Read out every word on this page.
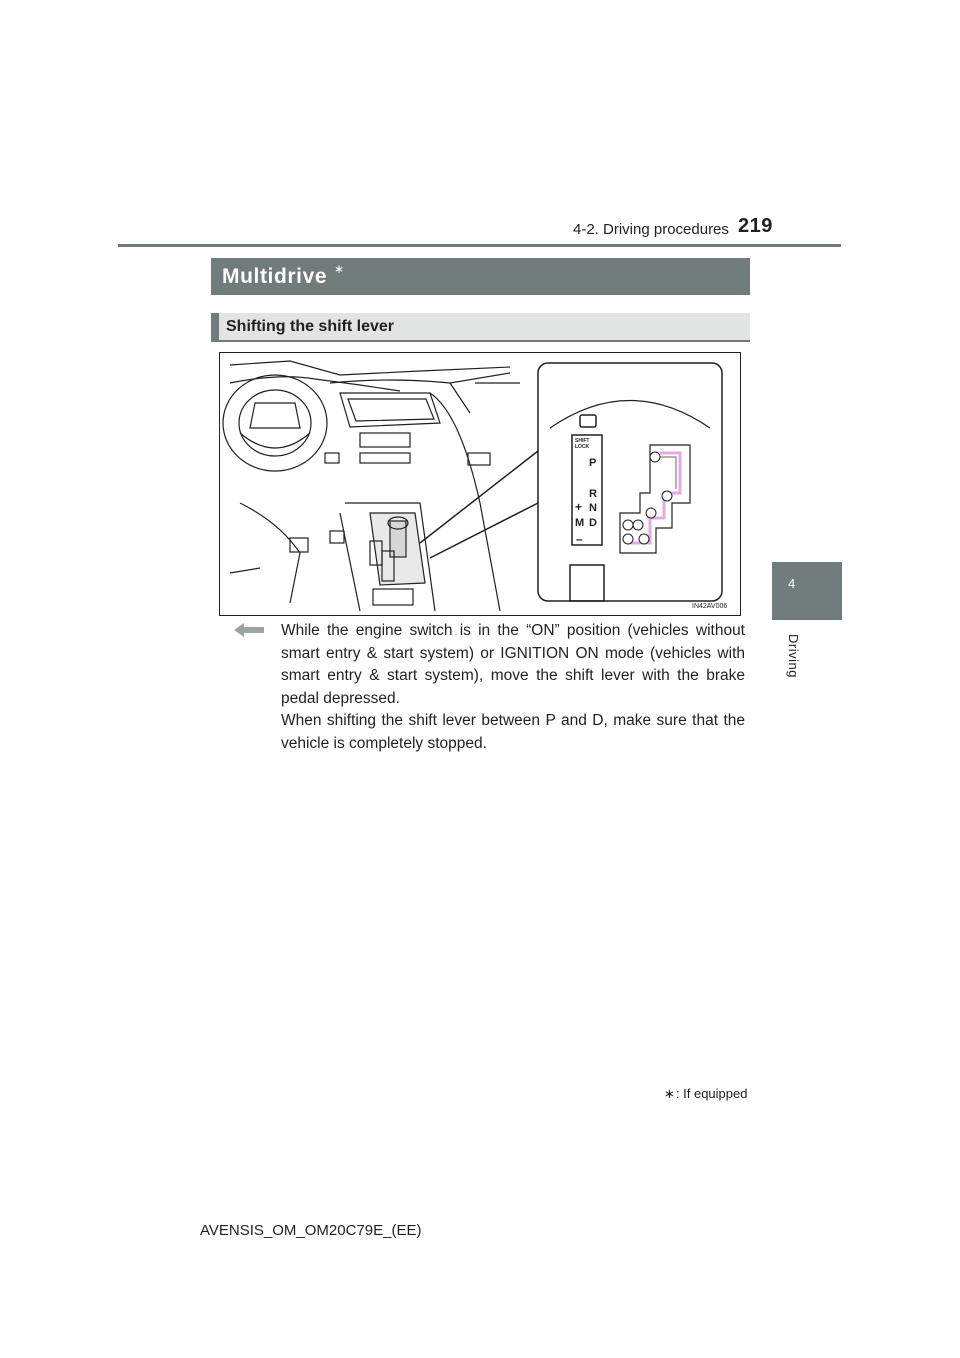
4-2. Driving procedures 219
4
Driving
Multidrive ∗
Shifting the shift lever
SHIFT
LOCK
P
R
N
D
M
+
–
IN42AV006

While the engine switch is in the “ON” position (vehicles without smart entry & start system) or IGNITION ON mode (vehicles with smart entry & start system), move the shift lever with the brake pedal depressed.

When shifting the shift lever between P and D, make sure that the vehicle is completely stopped.

∗: If equipped
AVENSIS_OM_OM20C79E_(EE)
